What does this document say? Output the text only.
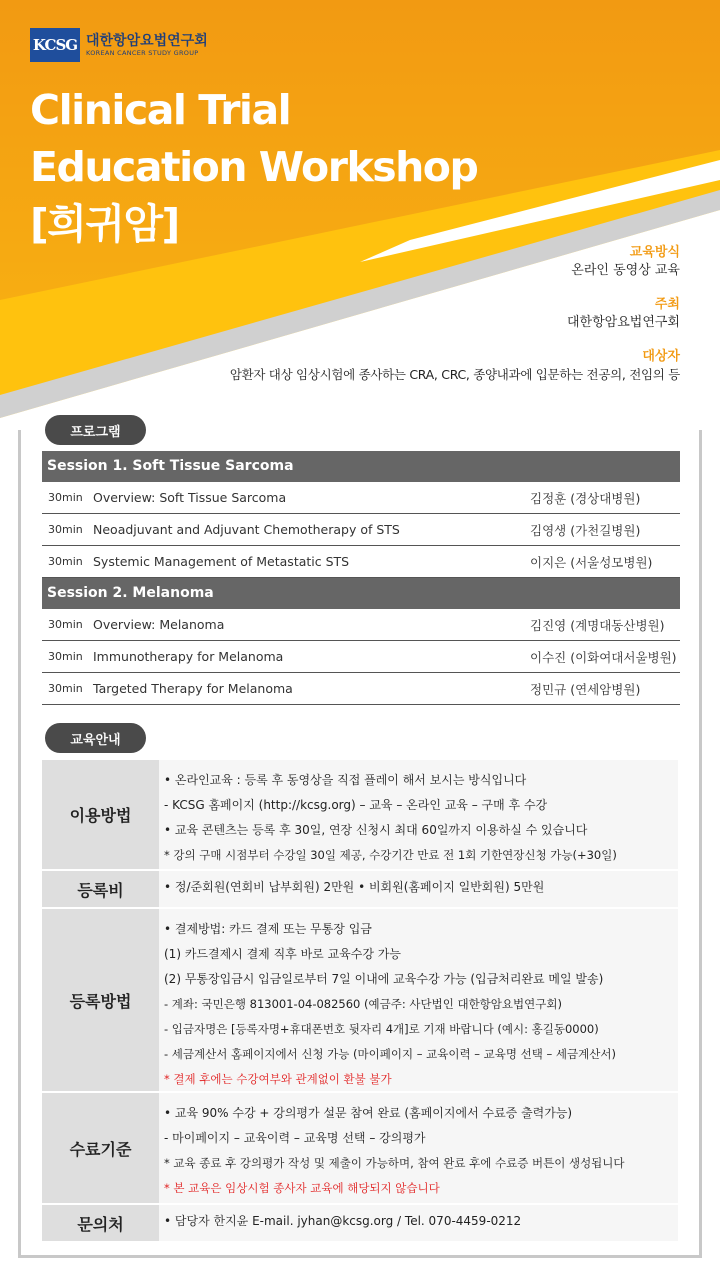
KCSG 대한항암요법연구회
KOREAN CANCER STUDY GROUP
Clinical Trial
Education Workshop
[희귀암]
교육방식
온라인 동영상 교육
주최
대한항암요법연구회
대상자
암환자 대상 임상시험에 종사하는 CRA, CRC, 종양내과에 입문하는 전공의, 전임의 등
프로그램
Session 1. Soft Tissue Sarcoma
30min Overview: Soft Tissue Sarcoma	김정훈 (경상대병원)
30min Neoadjuvant and Adjuvant Chemotherapy of STS	김영생 (가천길병원)
30min Systemic Management of Metastatic STS	이지은 (서울성모병원)
Session 2. Melanoma
30min Overview: Melanoma	김진영 (계명대동산병원)
30min Immunotherapy for Melanoma	이수진 (이화여대서울병원)
30min Targeted Therapy for Melanoma	정민규 (연세암병원)
교육안내
이용방법
• 온라인교육 : 등록 후 동영상을 직접 플레이 해서 보시는 방식입니다
- KCSG 홈페이지 (http://kcsg.org) – 교육 – 온라인 교육 – 구매 후 수강
• 교육 콘텐츠는 등록 후 30일, 연장 신청시 최대 60일까지 이용하실 수 있습니다
* 강의 구매 시점부터 수강일 30일 제공, 수강기간 만료 전 1회 기한연장신청 가능(+30일)
등록비	• 정/준회원(연회비 납부회원) 2만원 • 비회원(홈페이지 일반회원) 5만원
등록방법
• 결제방법: 카드 결제 또는 무통장 입금
(1) 카드결제시 결제 직후 바로 교육수강 가능
(2) 무통장입금시 입금일로부터 7일 이내에 교육수강 가능 (입금처리완료 메일 발송)
- 계좌: 국민은행 813001-04-082560 (예금주: 사단법인 대한항암요법연구회)
- 입금자명은 [등록자명+휴대폰번호 뒷자리 4개]로 기재 바랍니다 (예시: 홍길동0000)
- 세금계산서 홈페이지에서 신청 가능 (마이페이지 – 교육이력 – 교육명 선택 – 세금계산서)
* 결제 후에는 수강여부와 관계없이 환불 불가
수료기준
• 교육 90% 수강 + 강의평가 설문 참여 완료 (홈페이지에서 수료증 출력가능)
- 마이페이지 – 교육이력 – 교육명 선택 – 강의평가
* 교육 종료 후 강의평가 작성 및 제출이 가능하며, 참여 완료 후에 수료증 버튼이 생성됩니다
* 본 교육은 임상시험 종사자 교육에 해당되지 않습니다
문의처	• 담당자 한지윤 E-mail. jyhan@kcsg.org / Tel. 070-4459-0212
